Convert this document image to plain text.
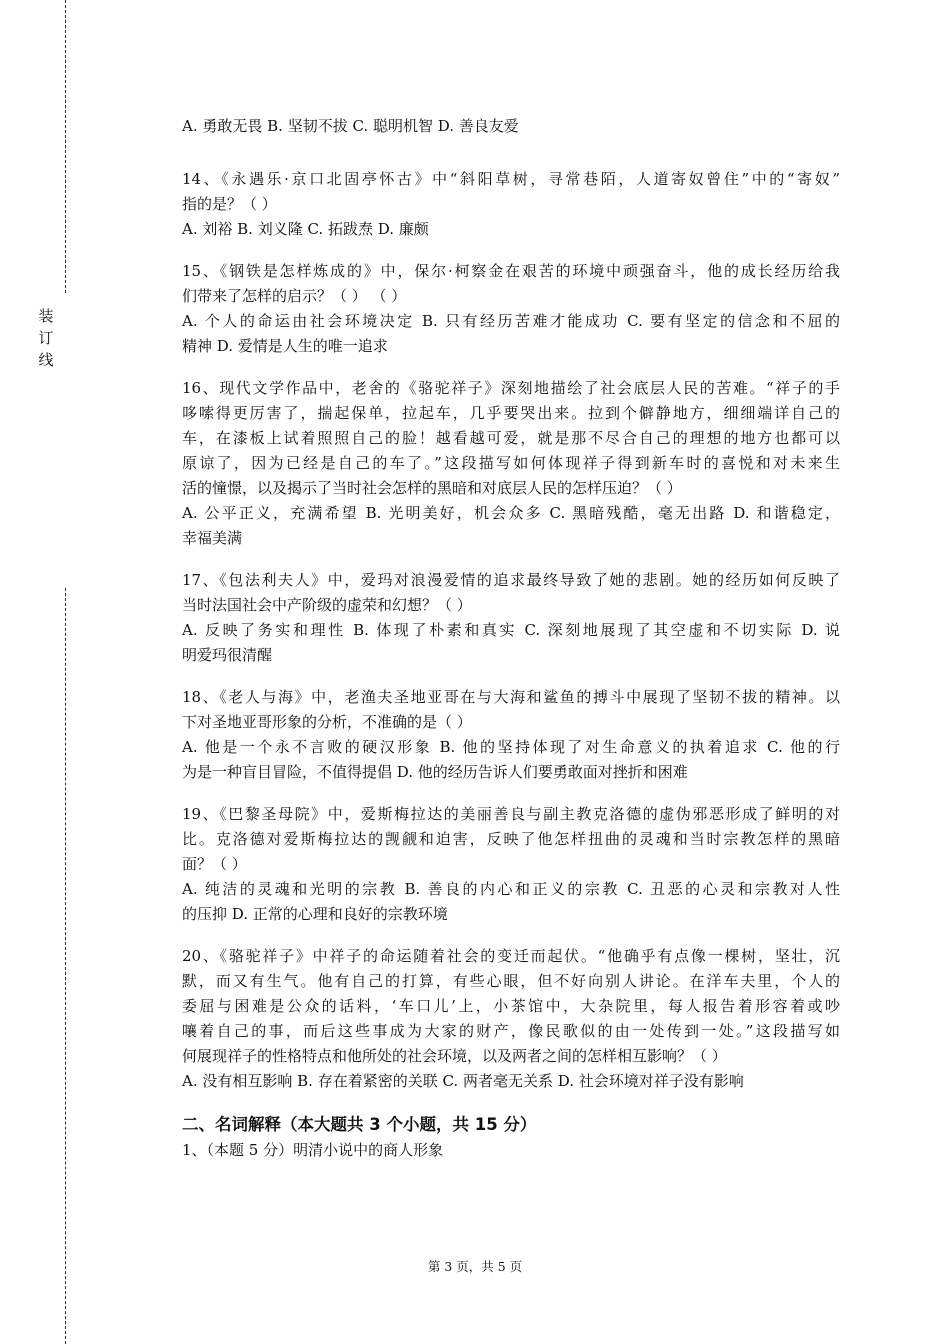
装
订
线
A. 勇敢无畏 B. 坚韧不拔 C. 聪明机智 D. 善良友爱
14、《永遇乐·京口北固亭怀古》中“斜阳草树，寻常巷陌，人道寄奴曾住”中的“寄奴”
指的是？（ ）
A. 刘裕 B. 刘义隆 C. 拓跋焘 D. 廉颇
15、《钢铁是怎样炼成的》中，保尔·柯察金在艰苦的环境中顽强奋斗，他的成长经历给我
们带来了怎样的启示？（ ） （ ）
A. 个人的命运由社会环境决定 B. 只有经历苦难才能成功 C. 要有坚定的信念和不屈的
精神 D. 爱情是人生的唯一追求
16、现代文学作品中，老舍的《骆驼祥子》深刻地描绘了社会底层人民的苦难。“祥子的手
哆嗦得更厉害了，揣起保单，拉起车，几乎要哭出来。拉到个僻静地方，细细端详自己的
车，在漆板上试着照照自己的脸！越看越可爱，就是那不尽合自己的理想的地方也都可以
原谅了，因为已经是自己的车了。”这段描写如何体现祥子得到新车时的喜悦和对未来生
活的憧憬，以及揭示了当时社会怎样的黑暗和对底层人民的怎样压迫？（ ）
A. 公平正义，充满希望 B. 光明美好，机会众多 C. 黑暗残酷，毫无出路 D. 和谐稳定，
幸福美满
17、《包法利夫人》中，爱玛对浪漫爱情的追求最终导致了她的悲剧。她的经历如何反映了
当时法国社会中产阶级的虚荣和幻想？（ ）
A. 反映了务实和理性 B. 体现了朴素和真实 C. 深刻地展现了其空虚和不切实际 D. 说
明爱玛很清醒
18、《老人与海》中，老渔夫圣地亚哥在与大海和鲨鱼的搏斗中展现了坚韧不拔的精神。以
下对圣地亚哥形象的分析，不准确的是（ ）
A. 他是一个永不言败的硬汉形象 B. 他的坚持体现了对生命意义的执着追求 C. 他的行
为是一种盲目冒险，不值得提倡 D. 他的经历告诉人们要勇敢面对挫折和困难
19、《巴黎圣母院》中，爱斯梅拉达的美丽善良与副主教克洛德的虚伪邪恶形成了鲜明的对
比。克洛德对爱斯梅拉达的觊觎和迫害，反映了他怎样扭曲的灵魂和当时宗教怎样的黑暗
面？（ ）
A. 纯洁的灵魂和光明的宗教 B. 善良的内心和正义的宗教 C. 丑恶的心灵和宗教对人性
的压抑 D. 正常的心理和良好的宗教环境
20、《骆驼祥子》中祥子的命运随着社会的变迁而起伏。“他确乎有点像一棵树，坚壮，沉
默，而又有生气。他有自己的打算，有些心眼，但不好向别人讲论。在洋车夫里，个人的
委屈与困难是公众的话料，‘车口儿’上，小茶馆中，大杂院里，每人报告着形容着或吵
嚷着自己的事，而后这些事成为大家的财产，像民歌似的由一处传到一处。”这段描写如
何展现祥子的性格特点和他所处的社会环境，以及两者之间的怎样相互影响？（ ）
A. 没有相互影响 B. 存在着紧密的关联 C. 两者毫无关系 D. 社会环境对祥子没有影响
二、名词解释（本大题共 3 个小题，共 15 分）
1、（本题 5 分）明清小说中的商人形象
第 3 页，共 5 页
